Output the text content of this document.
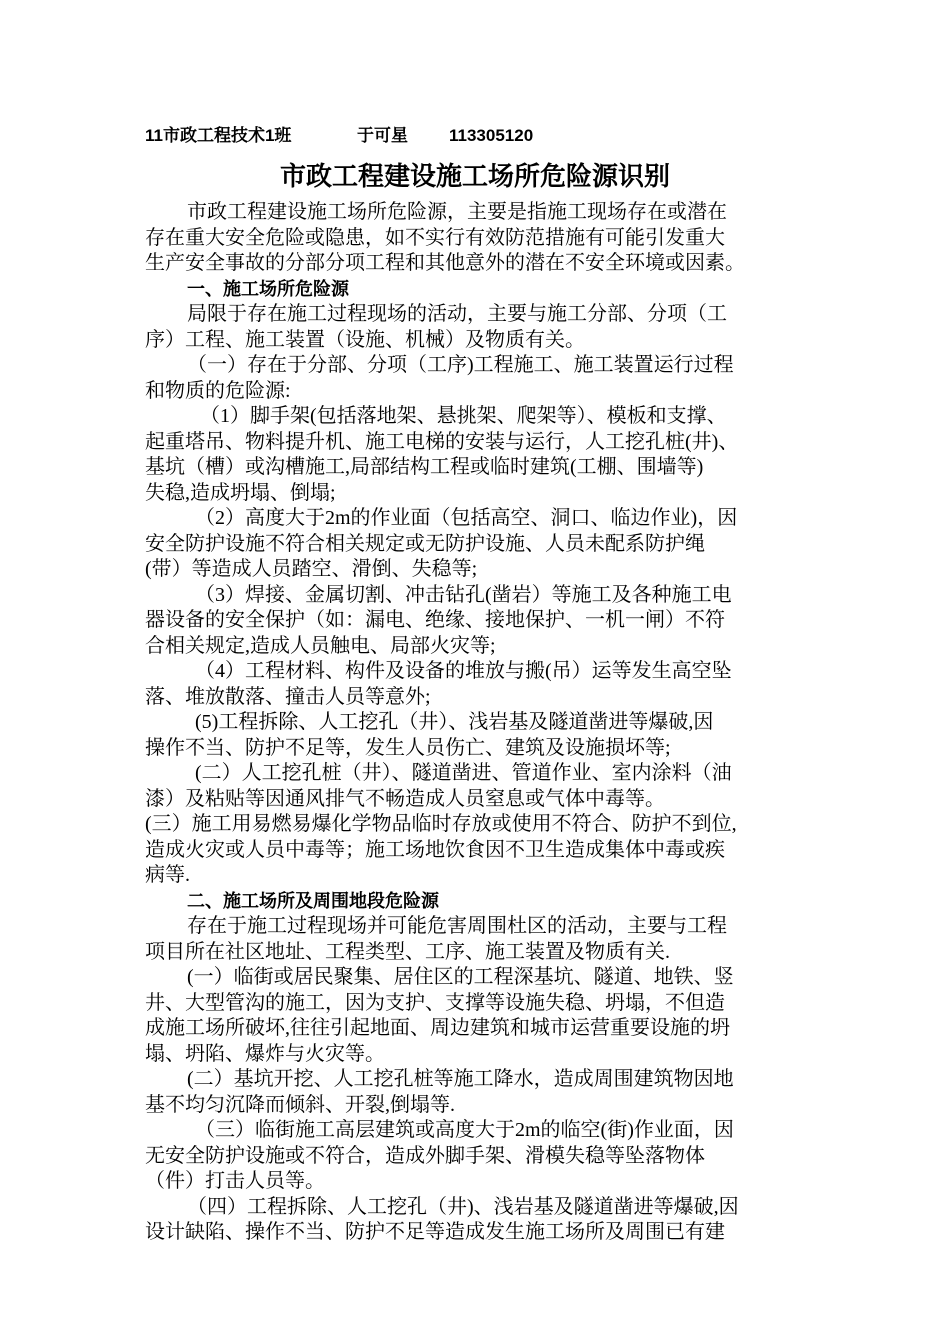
11市政工程技术1班	于可星 113305120
市政工程建设施工场所危险源识别
市政工程建设施工场所危险源，主要是指施工现场存在或潜在
存在重大安全危险或隐患，如不实行有效防范措施有可能引发重大
生产安全事故的分部分项工程和其他意外的潜在不安全环境或因素。
一、施工场所危险源
局限于存在施工过程现场的活动，主要与施工分部、分项（工
序）工程、施工装置（设施、机械）及物质有关。
（一）存在于分部、分项（工序)工程施工、施工装置运行过程
和物质的危险源:
（1）脚手架(包括落地架、悬挑架、爬架等）、模板和支撑、
起重塔吊、物料提升机、施工电梯的安装与运行，人工挖孔桩(井)、
基坑（槽）或沟槽施工,局部结构工程或临时建筑(工棚、围墙等)
失稳,造成坍塌、倒塌;
（2）高度大于2m的作业面（包括高空、洞口、临边作业)，因
安全防护设施不符合相关规定或无防护设施、人员未配系防护绳
(带）等造成人员踏空、滑倒、失稳等;
（3）焊接、金属切割、冲击钻孔(凿岩）等施工及各种施工电
器设备的安全保护（如：漏电、绝缘、接地保护、一机一闸）不符
合相关规定,造成人员触电、局部火灾等;
（4）工程材料、构件及设备的堆放与搬(吊）运等发生高空坠
落、堆放散落、撞击人员等意外;
(5)工程拆除、人工挖孔（井）、浅岩基及隧道凿进等爆破,因
操作不当、防护不足等，发生人员伤亡、建筑及设施损坏等;
(二）人工挖孔桩（井）、隧道凿进、管道作业、室内涂料（油
漆）及粘贴等因通风排气不畅造成人员窒息或气体中毒等。
(三）施工用易燃易爆化学物品临时存放或使用不符合、防护不到位,
造成火灾或人员中毒等；施工场地饮食因不卫生造成集体中毒或疾
病等.
二、施工场所及周围地段危险源
存在于施工过程现场并可能危害周围杜区的活动，主要与工程
项目所在社区地址、工程类型、工序、施工装置及物质有关.
(一）临街或居民聚集、居住区的工程深基坑、隧道、地铁、竖
井、大型管沟的施工，因为支护、支撑等设施失稳、坍塌，不但造
成施工场所破坏,往往引起地面、周边建筑和城市运营重要设施的坍
塌、坍陷、爆炸与火灾等。
(二）基坑开挖、人工挖孔桩等施工降水，造成周围建筑物因地
基不均匀沉降而倾斜、开裂,倒塌等.
（三）临街施工高层建筑或高度大于2m的临空(街)作业面，因
无安全防护设施或不符合，造成外脚手架、滑模失稳等坠落物体
（件）打击人员等。
（四）工程拆除、人工挖孔（井)、浅岩基及隧道凿进等爆破,因
设计缺陷、操作不当、防护不足等造成发生施工场所及周围已有建
